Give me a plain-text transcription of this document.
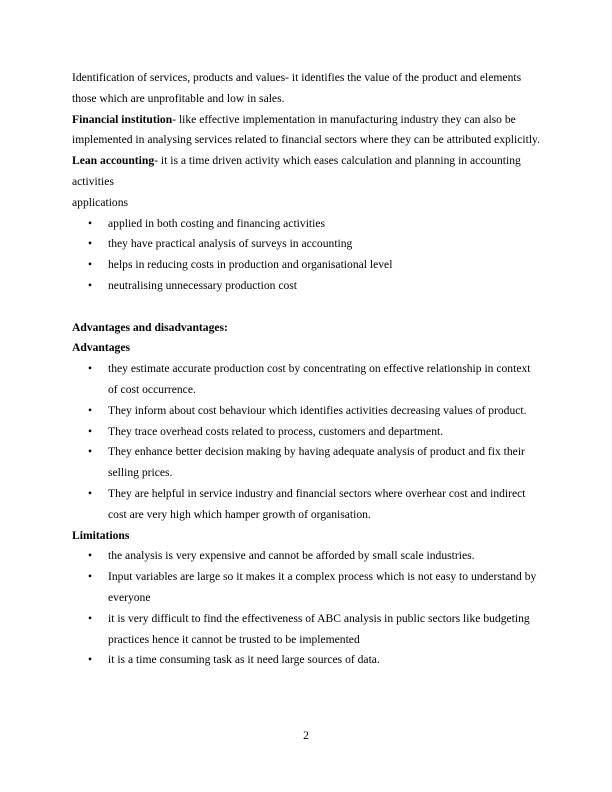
Identification of services, products and values- it identifies the value of the product and elements those which are unprofitable and low in sales.

Financial institution- like effective implementation in manufacturing industry they can also be implemented in analysing services related to financial sectors where they can be attributed explicitly.

Lean accounting- it is a time driven activity which eases calculation and planning in accounting activities

applications

• applied in both costing and financing activities
• they have practical analysis of surveys in accounting
• helps in reducing costs in production and organisational level
• neutralising unnecessary production cost

Advantages and disadvantages:

Advantages

• they estimate accurate production cost by concentrating on effective relationship in context of cost occurrence.
• They inform about cost behaviour which identifies activities decreasing values of product.
• They trace overhead costs related to process, customers and department.
• They enhance better decision making by having adequate analysis of product and fix their selling prices.
• They are helpful in service industry and financial sectors where overhear cost and indirect cost are very high which hamper growth of organisation.

Limitations

• the analysis is very expensive and cannot be afforded by small scale industries.
• Input variables are large so it makes it a complex process which is not easy to understand by everyone
• it is very difficult to find the effectiveness of ABC analysis in public sectors like budgeting practices hence it cannot be trusted to be implemented
• it is a time consuming task as it need large sources of data.
2
